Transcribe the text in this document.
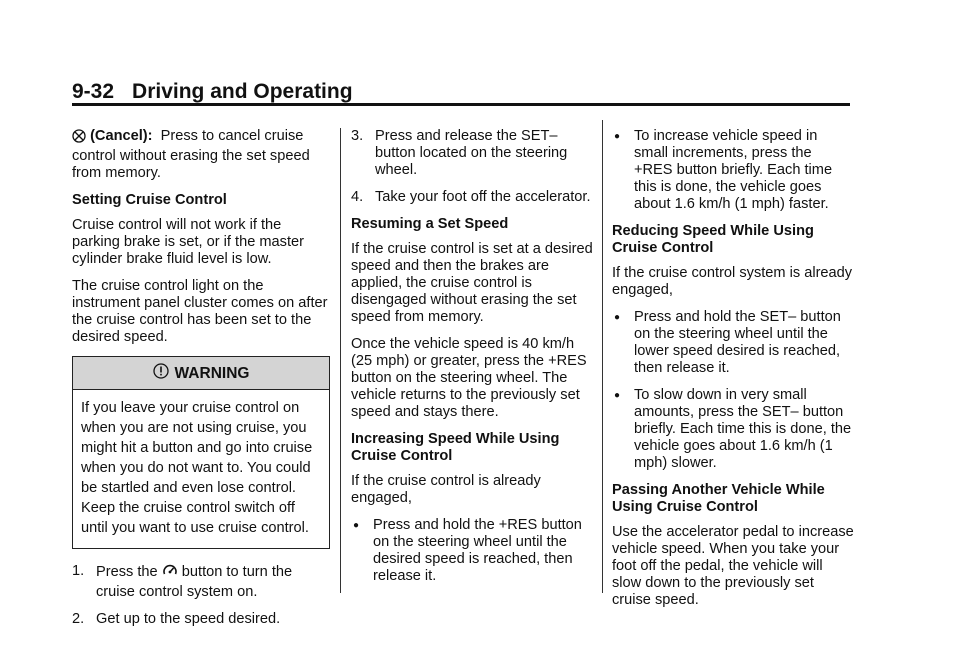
9-32 Driving and Operating

(Cancel): Press to cancel cruise control without erasing the set speed from memory.

Setting Cruise Control

Cruise control will not work if the parking brake is set, or if the master cylinder brake fluid level is low.

The cruise control light on the instrument panel cluster comes on after the cruise control has been set to the desired speed.

WARNING
If you leave your cruise control on when you are not using cruise, you might hit a button and go into cruise when you do not want to. You could be startled and even lose control. Keep the cruise control switch off until you want to use cruise control.
1. Press the button to turn the cruise control system on.
2. Get up to the speed desired.
3. Press and release the SET– button located on the steering wheel.
4. Take your foot off the accelerator.

Resuming a Set Speed

If the cruise control is set at a desired speed and then the brakes are applied, the cruise control is disengaged without erasing the set speed from memory.

Once the vehicle speed is 40 km/h (25 mph) or greater, press the +RES button on the steering wheel. The vehicle returns to the previously set speed and stays there.

Increasing Speed While Using Cruise Control

If the cruise control is already engaged,

● Press and hold the +RES button on the steering wheel until the desired speed is reached, then release it.
● To increase vehicle speed in small increments, press the +RES button briefly. Each time this is done, the vehicle goes about 1.6 km/h (1 mph) faster.

Reducing Speed While Using Cruise Control

If the cruise control system is already engaged,

● Press and hold the SET– button on the steering wheel until the lower speed desired is reached, then release it.
● To slow down in very small amounts, press the SET– button briefly. Each time this is done, the vehicle goes about 1.6 km/h (1 mph) slower.

Passing Another Vehicle While Using Cruise Control

Use the accelerator pedal to increase vehicle speed. When you take your foot off the pedal, the vehicle will slow down to the previously set cruise speed.
